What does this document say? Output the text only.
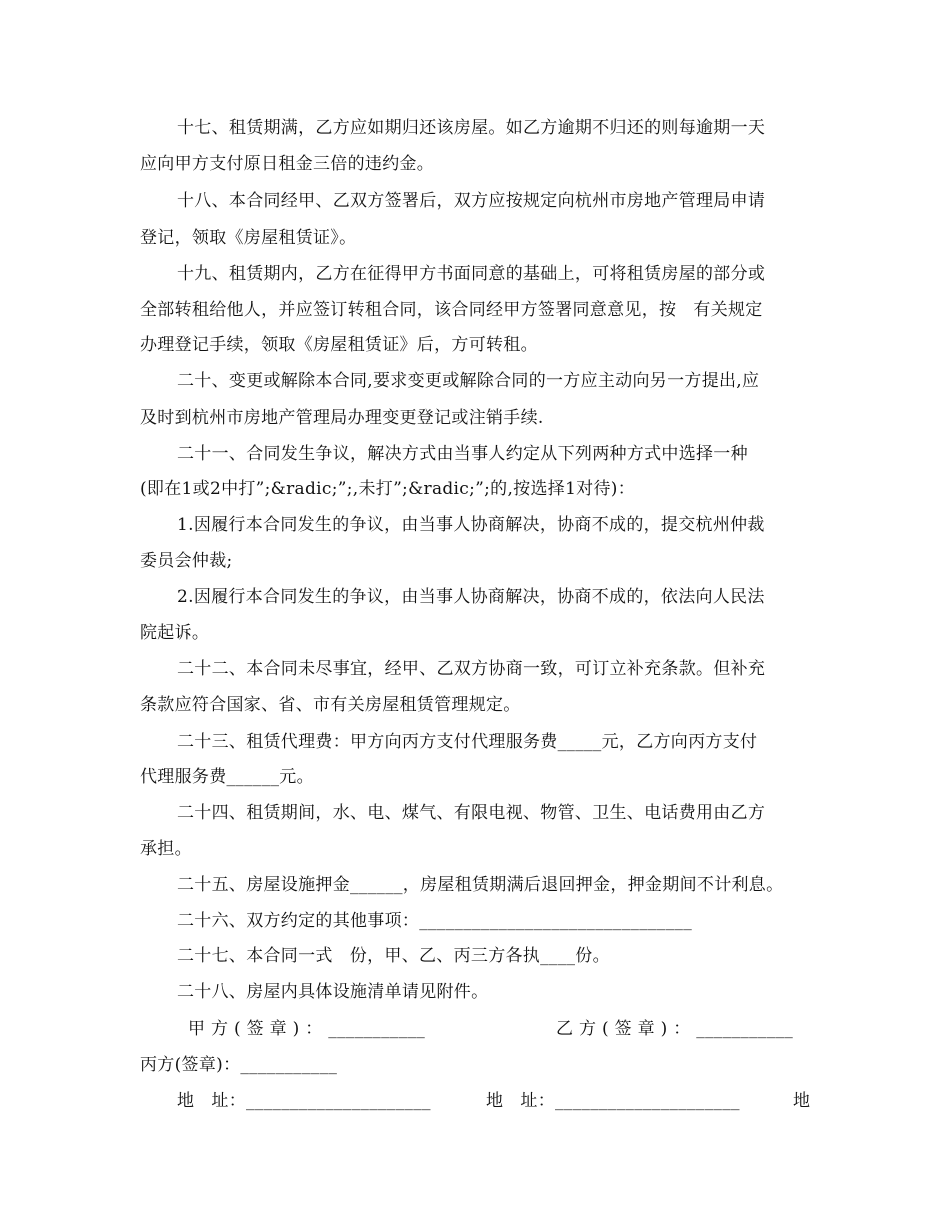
十七、租赁期满，乙方应如期归还该房屋。如乙方逾期不归还的则每逾期一天
应向甲方支付原日租金三倍的违约金。
十八、本合同经甲、乙双方签署后，双方应按规定向杭州市房地产管理局申请
登记，领取《房屋租赁证》。
十九、租赁期内，乙方在征得甲方书面同意的基础上，可将租赁房屋的部分或
全部转租给他人，并应签订转租合同，该合同经甲方签署同意意见，按   有关规定
办理登记手续，领取《房屋租赁证》后，方可转租。
二十、变更或解除本合同,要求变更或解除合同的一方应主动向另一方提出,应
及时到杭州市房地产管理局办理变更登记或注销手续.
二十一、合同发生争议，解决方式由当事人约定从下列两种方式中选择一种
(即在1或2中打”;&radic;”;,未打”;&radic;”;的,按选择1对待)：
1.因履行本合同发生的争议，由当事人协商解决，协商不成的，提交杭州仲裁
委员会仲裁;
2.因履行本合同发生的争议，由当事人协商解决，协商不成的，依法向人民法
院起诉。
二十二、本合同未尽事宜，经甲、乙双方协商一致，可订立补充条款。但补充
条款应符合国家、省、市有关房屋租赁管理规定。
二十三、租赁代理费：甲方向丙方支付代理服务费_____元，乙方向丙方支付
代理服务费______元。
二十四、租赁期间，水、电、煤气、有限电视、物管、卫生、电话费用由乙方
承担。
二十五、房屋设施押金______，房屋租赁期满后退回押金，押金期间不计利息。
二十六、双方约定的其他事项：_______________________________
二十七、本合同一式   份，甲、乙、丙三方各执____份。
二十八、房屋内具体设施清单请见附件。
甲 方 ( 签 章 ) ： ___________	乙 方 ( 签 章 ) ： ___________
丙方(签章)：___________
地   址：_____________________	地   址：_____________________	地
